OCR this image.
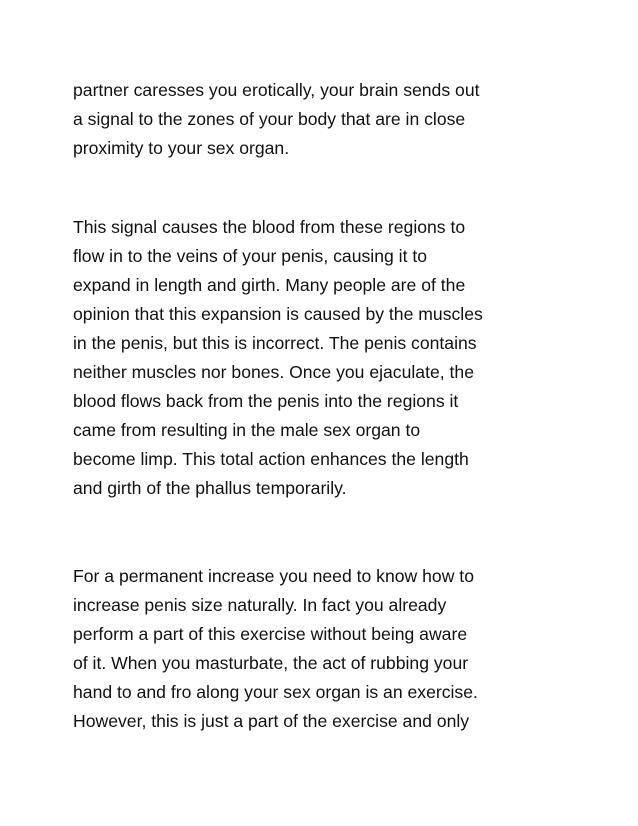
partner caresses you erotically, your brain sends out
a signal to the zones of your body that are in close
proximity to your sex organ.
This signal causes the blood from these regions to
flow in to the veins of your penis, causing it to
expand in length and girth. Many people are of the
opinion that this expansion is caused by the muscles
in the penis, but this is incorrect. The penis contains
neither muscles nor bones. Once you ejaculate, the
blood flows back from the penis into the regions it
came from resulting in the male sex organ to
become limp. This total action enhances the length
and girth of the phallus temporarily.
For a permanent increase you need to know how to
increase penis size naturally. In fact you already
perform a part of this exercise without being aware
of it. When you masturbate, the act of rubbing your
hand to and fro along your sex organ is an exercise.
However, this is just a part of the exercise and only
